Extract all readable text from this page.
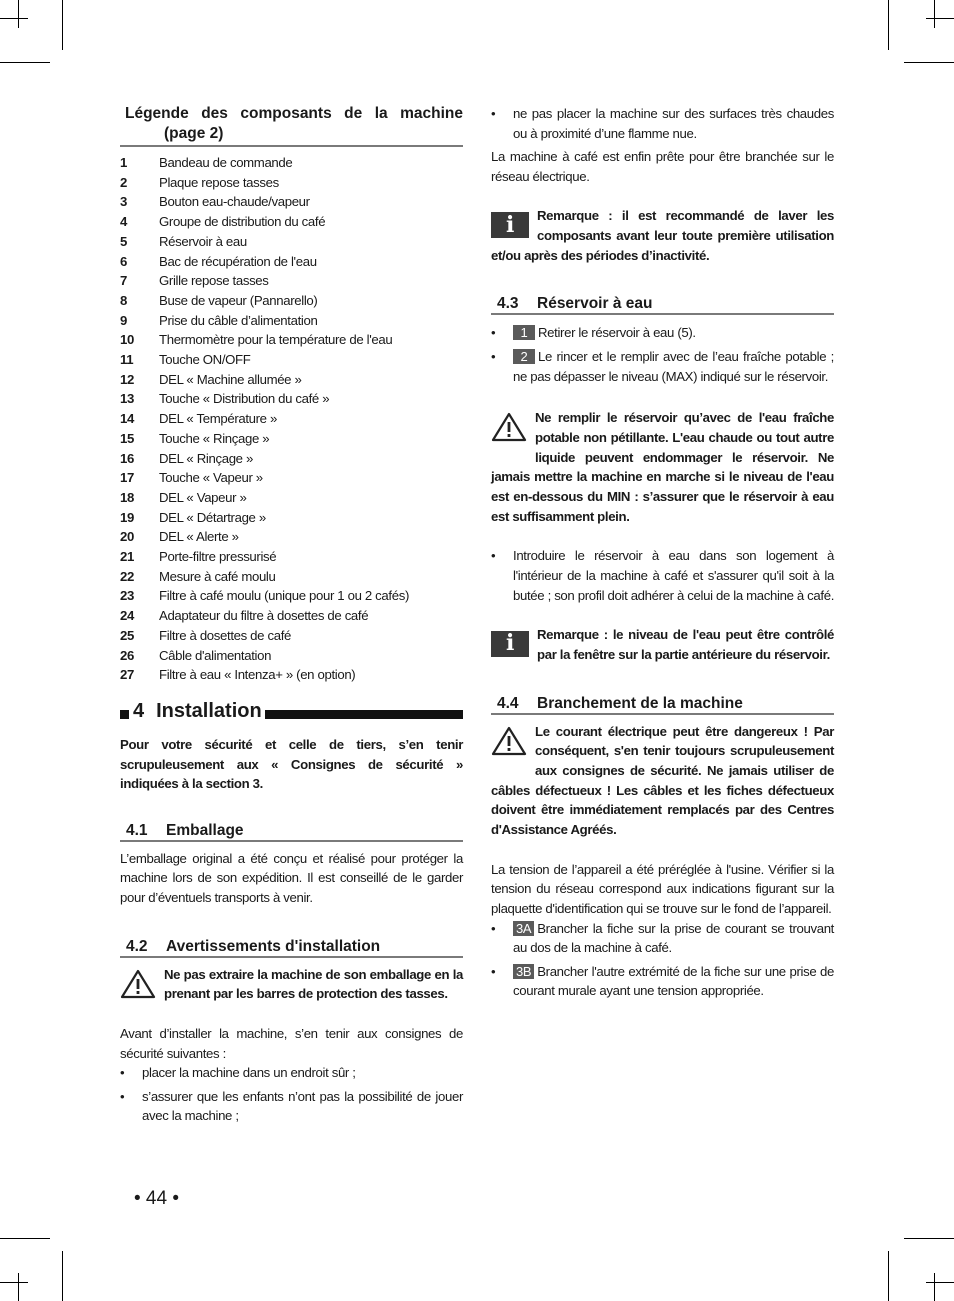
Légende des composants de la machine
(page 2)
1	Bandeau de commande
2	Plaque repose tasses
3	Bouton eau-chaude/vapeur
4	Groupe de distribution du café
5	Réservoir à eau
6	Bac de récupération de l'eau
7	Grille repose tasses
8	Buse de vapeur (Pannarello)
9	Prise du câble d’alimentation
10	Thermomètre pour la température de l'eau
11	Touche ON/OFF
12	DEL « Machine allumée »
13	Touche « Distribution du café »
14	DEL « Température »
15	Touche « Rinçage »
16	DEL « Rinçage »
17	Touche « Vapeur »
18	DEL « Vapeur »
19	DEL « Détartrage »
20	DEL « Alerte »
21	Porte-filtre pressurisé
22	Mesure à café moulu
23	Filtre à café moulu (unique pour 1 ou 2 cafés)
24	Adaptateur du filtre à dosettes de café
25	Filtre à dosettes de café
26	Câble d'alimentation
27	Filtre à eau « Intenza+ » (en option)
4 Installation
Pour votre sécurité et celle de tiers, s’en tenir scrupuleusement aux « Consignes de sécurité » indiquées à la section 3.
4.1	Emballage
L’emballage original a été conçu et réalisé pour protéger la machine lors de son expédition. Il est conseillé de le garder pour d’éventuels transports à venir.
4.2	Avertissements d'installation
Ne pas extraire la machine de son emballage en la prenant par les barres de protection des tasses.
Avant d’installer la machine, s’en tenir aux consignes de sécurité suivantes :
•	placer la machine dans un endroit sûr ;
•	s’assurer que les enfants n’ont pas la possibilité de jouer avec la machine ;
• 44 •
•	ne pas placer la machine sur des surfaces très chaudes ou à proximité d’une flamme nue.
La machine à café est enfin prête pour être branchée sur le réseau électrique.
i	Remarque : il est recommandé de laver les composants avant leur toute première utilisation et/ou après des périodes d’inactivité.
4.3	Réservoir à eau
•	1 Retirer le réservoir à eau (5).
•	2 Le rincer et le remplir avec de l’eau fraîche potable ; ne pas dépasser le niveau (MAX) indiqué sur le réservoir.
Ne remplir le réservoir qu’avec de l'eau fraîche potable non pétillante. L'eau chaude ou tout autre liquide peuvent endommager le réservoir. Ne jamais mettre la machine en marche si le niveau de l'eau est en-dessous du MIN : s’assurer que le réservoir à eau est suffisamment plein.
•	Introduire le réservoir à eau dans son logement à l'intérieur de la machine à café et s'assurer qu'il soit à la butée ; son profil doit adhérer à celui de la machine à café.
i	Remarque : le niveau de l'eau peut être contrôlé par la fenêtre sur la partie antérieure du réservoir.
4.4	Branchement de la machine
Le courant électrique peut être dangereux ! Par conséquent, s'en tenir toujours scrupuleusement aux consignes de sécurité. Ne jamais utiliser de câbles défectueux ! Les câbles et les fiches défectueux doivent être immédiatement remplacés par des Centres d'Assistance Agréés.
La tension de l’appareil a été préréglée à l'usine. Vérifier si la tension du réseau correspond aux indications figurant sur la plaquette d'identification qui se trouve sur le fond de l’appareil.
•	3A Brancher la fiche sur la prise de courant se trouvant au dos de la machine à café.
•	3B Brancher l'autre extrémité de la fiche sur une prise de courant murale ayant une tension appropriée.
